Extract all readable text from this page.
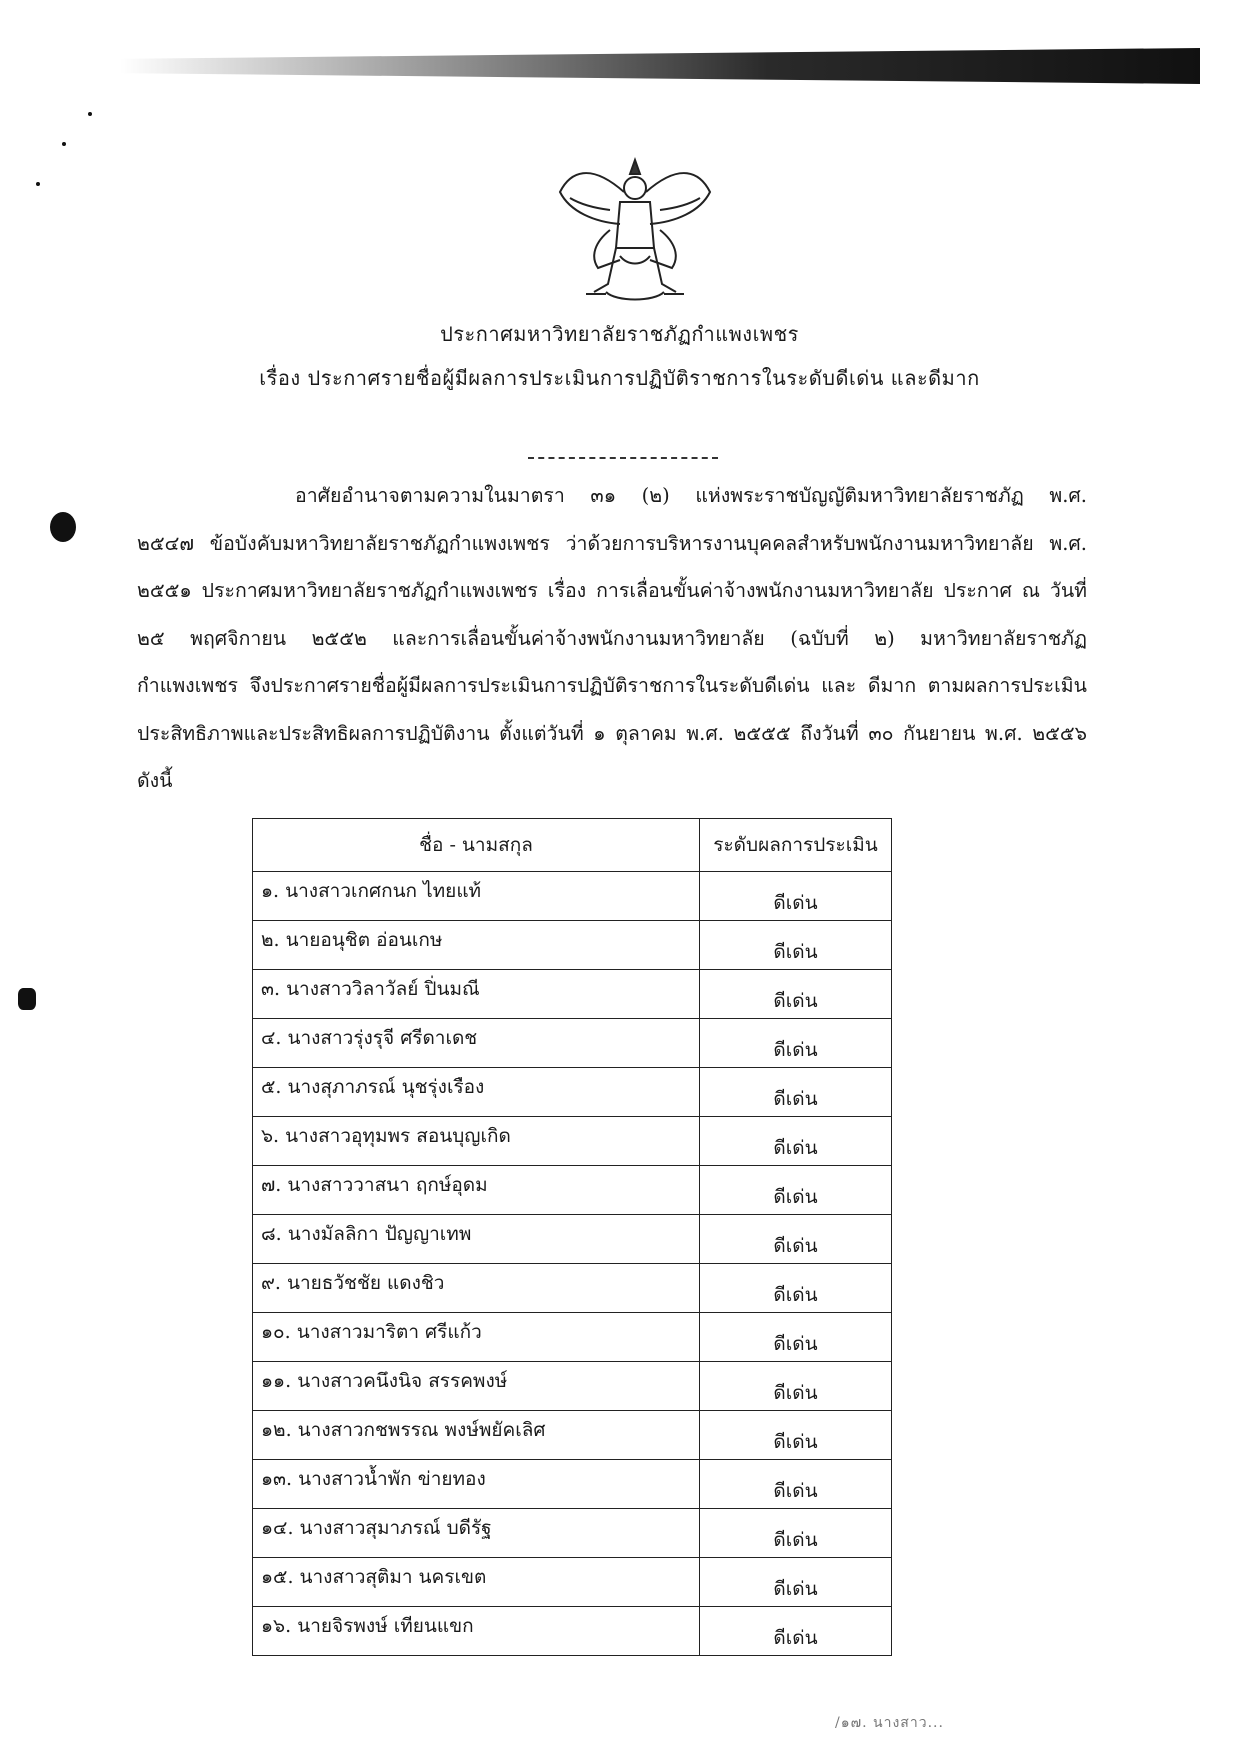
ประกาศมหาวิทยาลัยราชภัฏกำแพงเพชร
เรื่อง ประกาศรายชื่อผู้มีผลการประเมินการปฏิบัติราชการในระดับดีเด่น และดีมาก
อาศัยอำนาจตามความในมาตรา ๓๑ (๒) แห่งพระราชบัญญัติมหาวิทยาลัยราชภัฏ พ.ศ. ๒๕๔๗ ข้อบังคับมหาวิทยาลัยราชภัฏกำแพงเพชร ว่าด้วยการบริหารงานบุคคลสำหรับพนักงานมหาวิทยาลัย พ.ศ. ๒๕๕๑ ประกาศมหาวิทยาลัยราชภัฏกำแพงเพชร เรื่อง การเลื่อนขั้นค่าจ้างพนักงานมหาวิทยาลัย ประกาศ ณ วันที่ ๒๕ พฤศจิกายน ๒๕๕๒ และการเลื่อนขั้นค่าจ้างพนักงานมหาวิทยาลัย (ฉบับที่ ๒) มหาวิทยาลัยราชภัฏกำแพงเพชร จึงประกาศรายชื่อผู้มีผลการประเมินการปฏิบัติราชการในระดับดีเด่น และ ดีมาก ตามผลการประเมินประสิทธิภาพและประสิทธิผลการปฏิบัติงาน ตั้งแต่วันที่ ๑ ตุลาคม พ.ศ. ๒๕๕๕ ถึงวันที่ ๓๐ กันยายน พ.ศ. ๒๕๕๖ ดังนี้
ชื่อ - นามสกุล	ระดับผลการประเมิน
๑. นางสาวเกศกนก ไทยแท้	ดีเด่น
๒. นายอนุชิต อ่อนเกษ	ดีเด่น
๓. นางสาววิลาวัลย์ ปิ่นมณี	ดีเด่น
๔. นางสาวรุ่งรุจี ศรีดาเดช	ดีเด่น
๕. นางสุภาภรณ์ นุชรุ่งเรือง	ดีเด่น
๖. นางสาวอุทุมพร สอนบุญเกิด	ดีเด่น
๗. นางสาววาสนา ฤกษ์อุดม	ดีเด่น
๘. นางมัลลิกา ปัญญาเทพ	ดีเด่น
๙. นายธวัชชัย แดงชิว	ดีเด่น
๑๐. นางสาวมาริตา ศรีแก้ว	ดีเด่น
๑๑. นางสาวคนึงนิจ สรรคพงษ์	ดีเด่น
๑๒. นางสาวกชพรรณ พงษ์พยัคเลิศ	ดีเด่น
๑๓. นางสาวน้ำพัก ข่ายทอง	ดีเด่น
๑๔. นางสาวสุมาภรณ์ บดีรัฐ	ดีเด่น
๑๕. นางสาวสุติมา นครเขต	ดีเด่น
๑๖. นายจิรพงษ์ เทียนแขก	ดีเด่น
/๑๗. นางสาว...
